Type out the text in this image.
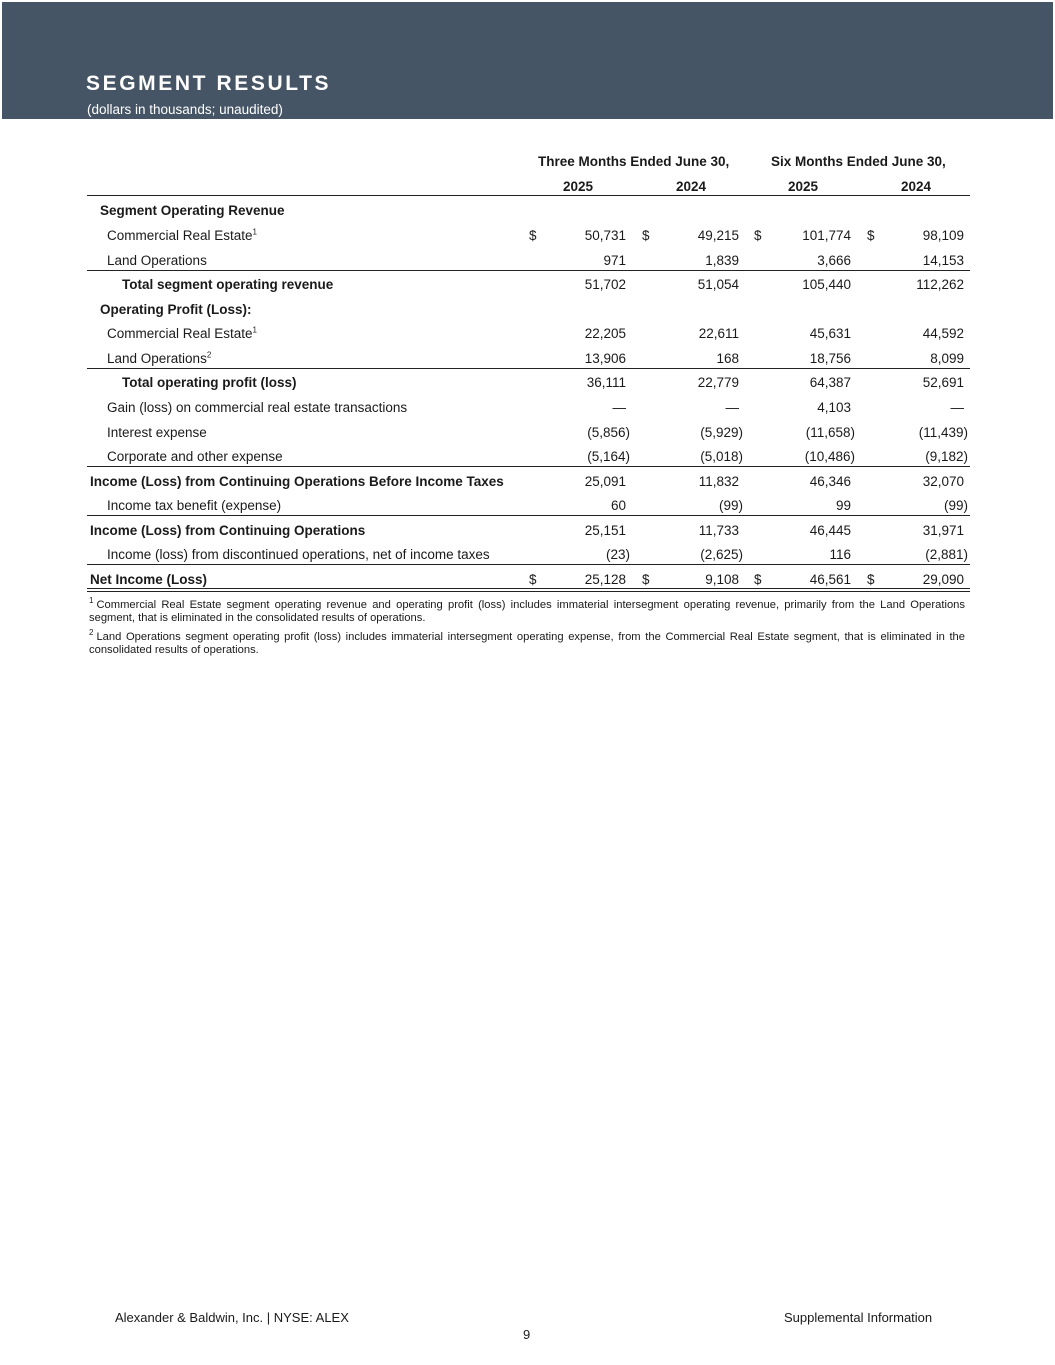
SEGMENT RESULTS
(dollars in thousands; unaudited)
Three Months Ended June 30,	Six Months Ended June 30,
2025	2024	2025	2024
Segment Operating Revenue
Commercial Real Estate$^1$	$	50,731 $	49,215 $	101,774 $	98,109
Land Operations	971	1,839	3,666	14,153
Total segment operating revenue	51,702	51,054	105,440	112,262
Operating Profit (Loss):
Commercial Real Estate$^1$	22,205	22,611	45,631	44,592
Land Operations$^2$	13,906	168	18,756	8,099
Total operating profit (loss)	36,111	22,779	64,387	52,691
Gain (loss) on commercial real estate transactions	—	—	4,103	—
Interest expense	(5,856)	(5,929)	(11,658)	(11,439)
Corporate and other expense	(5,164)	(5,018)	(10,486)	(9,182)
Income (Loss) from Continuing Operations Before Income Taxes	25,091	11,832	46,346	32,070
Income tax benefit (expense)	60	(99)	99	(99)
Income (Loss) from Continuing Operations	25,151	11,733	46,445	31,971
Income (loss) from discontinued operations, net of income taxes	(23)	(2,625)	116	(2,881)
Net Income (Loss)	$	25,128 $	9,108 $	46,561 $	29,090
$^1$ Commercial Real Estate segment operating revenue and operating profit (loss) includes immaterial intersegment operating revenue, primarily from the Land Operations segment, that is eliminated in the consolidated results of operations.
$^2$ Land Operations segment operating profit (loss) includes immaterial intersegment operating expense, from the Commercial Real Estate segment, that is eliminated in the consolidated results of operations.
Alexander & Baldwin, Inc. | NYSE: ALEX	Supplemental Information
9
